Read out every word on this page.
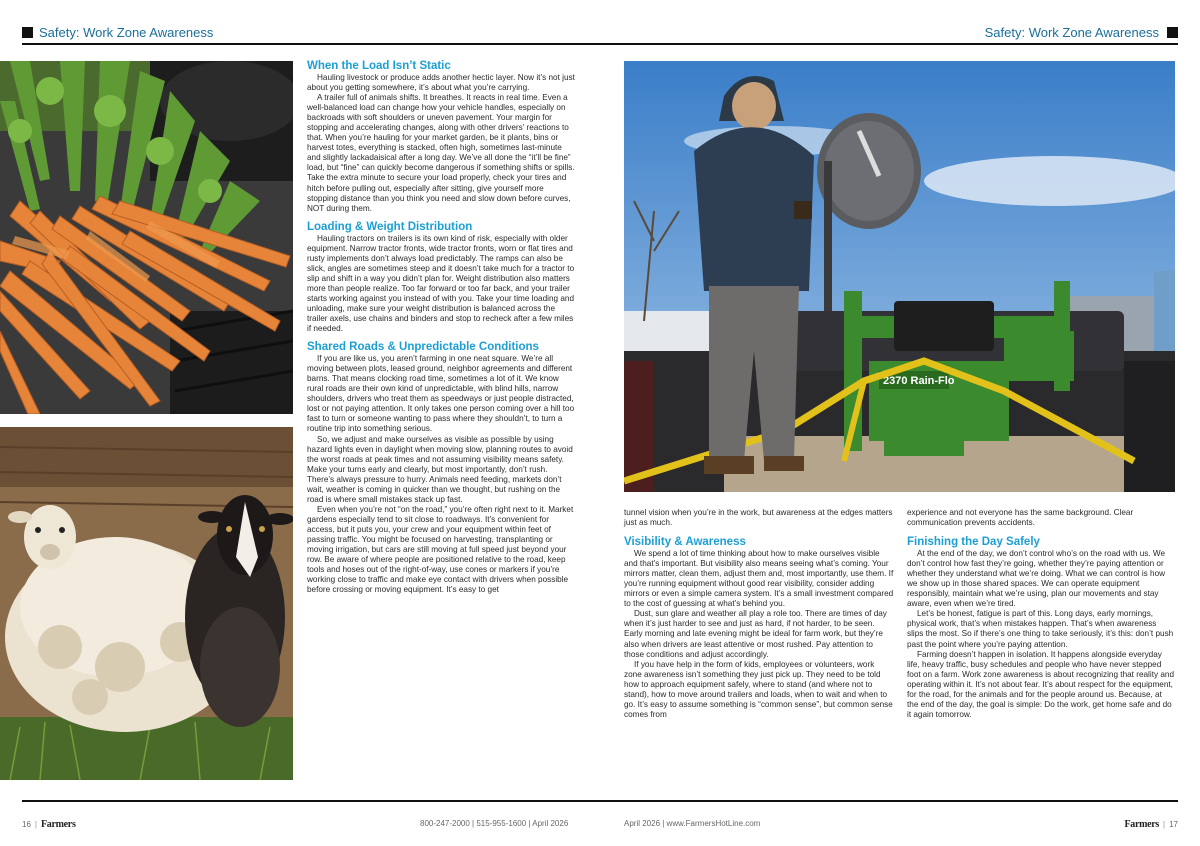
Safety: Work Zone Awareness	Safety: Work Zone Awareness
2370 Rain-Flo
When the Load Isn’t Static

Hauling livestock or produce adds another hectic layer. Now it’s not just about you getting somewhere, it’s about what you’re carrying.

A trailer full of animals shifts. It breathes. It reacts in real time. Even a well-balanced load can change how your vehicle handles, especially on backroads with soft shoulders or uneven pavement. Your margin for stopping and accelerating changes, along with other drivers’ reactions to that. When you’re hauling for your market garden, be it plants, bins or harvest totes, everything is stacked, often high, sometimes last-minute and slightly lackadaisical after a long day. We’ve all done the “it’ll be fine” load, but “fine” can quickly become dangerous if something shifts or spills. Take the extra minute to secure your load properly, check your tires and hitch before pulling out, especially after sitting, give yourself more stopping distance than you think you need and slow down before curves, NOT during them.

Loading & Weight Distribution

Hauling tractors on trailers is its own kind of risk, especially with older equipment. Narrow tractor fronts, wide tractor fronts, worn or flat tires and rusty implements don’t always load predictably. The ramps can also be slick, angles are sometimes steep and it doesn’t take much for a tractor to slip and shift in a way you didn’t plan for. Weight distribution also matters more than people realize. Too far forward or too far back, and your trailer starts working against you instead of with you. Take your time loading and unloading, make sure your weight distribution is balanced across the trailer axels, use chains and binders and stop to recheck after a few miles if needed.

Shared Roads & Unpredictable Conditions

If you are like us, you aren’t farming in one neat square. We’re all moving between plots, leased ground, neighbor agreements and different barns. That means clocking road time, sometimes a lot of it. We know rural roads are their own kind of unpredictable, with blind hills, narrow shoulders, drivers who treat them as speedways or just people distracted, lost or not paying attention. It only takes one person coming over a hill too fast to turn or someone wanting to pass where they shouldn’t, to turn a routine trip into something serious.

So, we adjust and make ourselves as visible as possible by using hazard lights even in daylight when moving slow, planning routes to avoid the worst roads at peak times and not assuming visibility means safety. Make your turns early and clearly, but most importantly, don’t rush. There’s always pressure to hurry. Animals need feeding, markets don’t wait, weather is coming in quicker than we thought, but rushing on the road is where small mistakes stack up fast.

Even when you’re not “on the road,” you’re often right next to it. Market gardens especially tend to sit close to roadways. It’s convenient for access, but it puts you, your crew and your equipment within feet of passing traffic. You might be focused on harvesting, transplanting or moving irrigation, but cars are still moving at full speed just beyond your row. Be aware of where people are positioned relative to the road, keep tools and hoses out of the right-of-way, use cones or markers if you’re working close to traffic and make eye contact with drivers when possible before crossing or moving equipment. It’s easy to get

tunnel vision when you’re in the work, but awareness at the edges matters just as much.

Visibility & Awareness

We spend a lot of time thinking about how to make ourselves visible and that’s important. But visibility also means seeing what’s coming. Your mirrors matter, clean them, adjust them and, most importantly, use them. If you’re running equipment without good rear visibility, consider adding mirrors or even a simple camera system. It’s a small investment compared to the cost of guessing at what’s behind you.

Dust, sun glare and weather all play a role too. There are times of day when it’s just harder to see and just as hard, if not harder, to be seen. Early morning and late evening might be ideal for farm work, but they’re also when drivers are least attentive or most rushed. Pay attention to those conditions and adjust accordingly.

If you have help in the form of kids, employees or volunteers, work zone awareness isn’t something they just pick up. They need to be told how to approach equipment safely, where to stand (and where not to stand), how to move around trailers and loads, when to wait and when to go. It’s easy to assume something is “common sense”, but common sense comes from

experience and not everyone has the same background. Clear communication prevents accidents.

Finishing the Day Safely

At the end of the day, we don’t control who’s on the road with us. We don’t control how fast they’re going, whether they’re paying attention or whether they understand what we’re doing. What we can control is how we show up in those shared spaces. We can operate equipment responsibly, maintain what we’re using, plan our movements and stay aware, even when we’re tired.

Let’s be honest, fatigue is part of this. Long days, early mornings, physical work, that’s when mistakes happen. That’s when awareness slips the most. So if there’s one thing to take seriously, it’s this: don’t push past the point where you’re paying attention.

Farming doesn’t happen in isolation. It happens alongside everyday life, heavy traffic, busy schedules and people who have never stepped foot on a farm. Work zone awareness is about recognizing that reality and operating within it. It’s not about fear. It’s about respect for the equipment, for the road, for the animals and for the people around us. Because, at the end of the day, the goal is simple: Do the work, get home safe and do it again tomorrow.

16 | Farmers	800-247-2000 | 515-955-1600 | April 2026	April 2026 | www.FarmersHotLine.com	Farmers | 17
